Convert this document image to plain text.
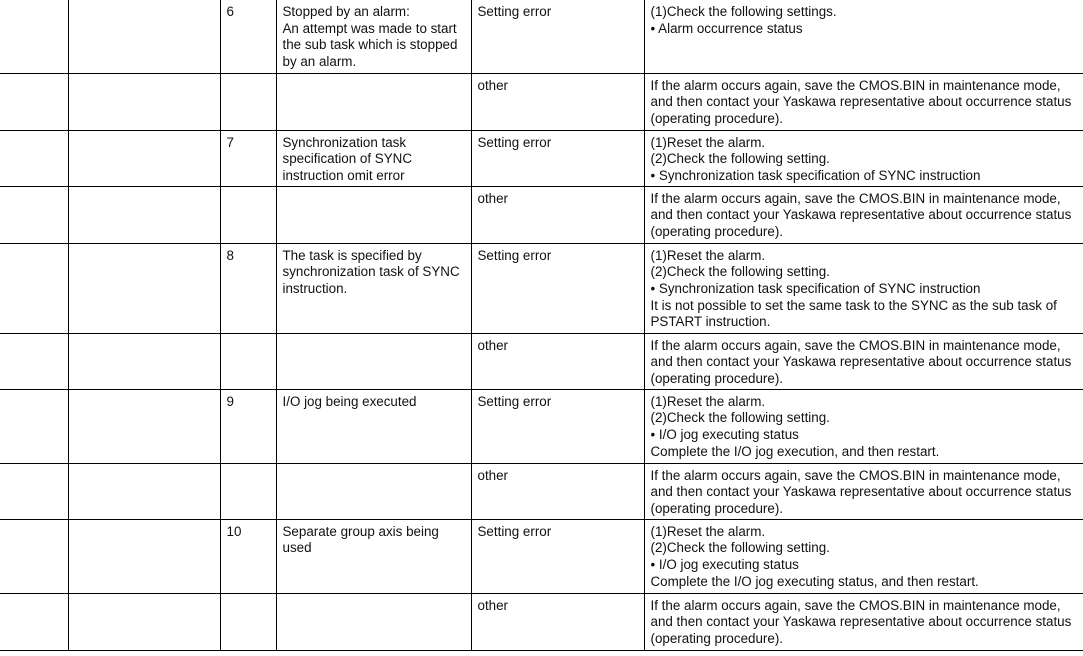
		6	Stopped by an alarm:
An attempt was made to start the sub task which is stopped by an alarm.	Setting error	(1)Check the following settings.
• Alarm occurrence status

				other	If the alarm occurs again, save the CMOS.BIN in maintenance mode, and then contact your Yaskawa representative about occurrence status (operating procedure).

		7	Synchronization task specification of SYNC instruction omit error	Setting error	(1)Reset the alarm.
(2)Check the following setting.
• Synchronization task specification of SYNC instruction

				other	If the alarm occurs again, save the CMOS.BIN in maintenance mode, and then contact your Yaskawa representative about occurrence status (operating procedure).

		8	The task is specified by synchronization task of SYNC instruction.	Setting error	(1)Reset the alarm.
(2)Check the following setting.
• Synchronization task specification of SYNC instruction
It is not possible to set the same task to the SYNC as the sub task of PSTART instruction.

				other	If the alarm occurs again, save the CMOS.BIN in maintenance mode, and then contact your Yaskawa representative about occurrence status (operating procedure).

		9	I/O jog being executed	Setting error	(1)Reset the alarm.
(2)Check the following setting.
• I/O jog executing status
Complete the I/O jog execution, and then restart.

				other	If the alarm occurs again, save the CMOS.BIN in maintenance mode, and then contact your Yaskawa representative about occurrence status (operating procedure).

		10	Separate group axis being used	Setting error	(1)Reset the alarm.
(2)Check the following setting.
• I/O jog executing status
Complete the I/O jog executing status, and then restart.

				other	If the alarm occurs again, save the CMOS.BIN in maintenance mode, and then contact your Yaskawa representative about occurrence status (operating procedure).
